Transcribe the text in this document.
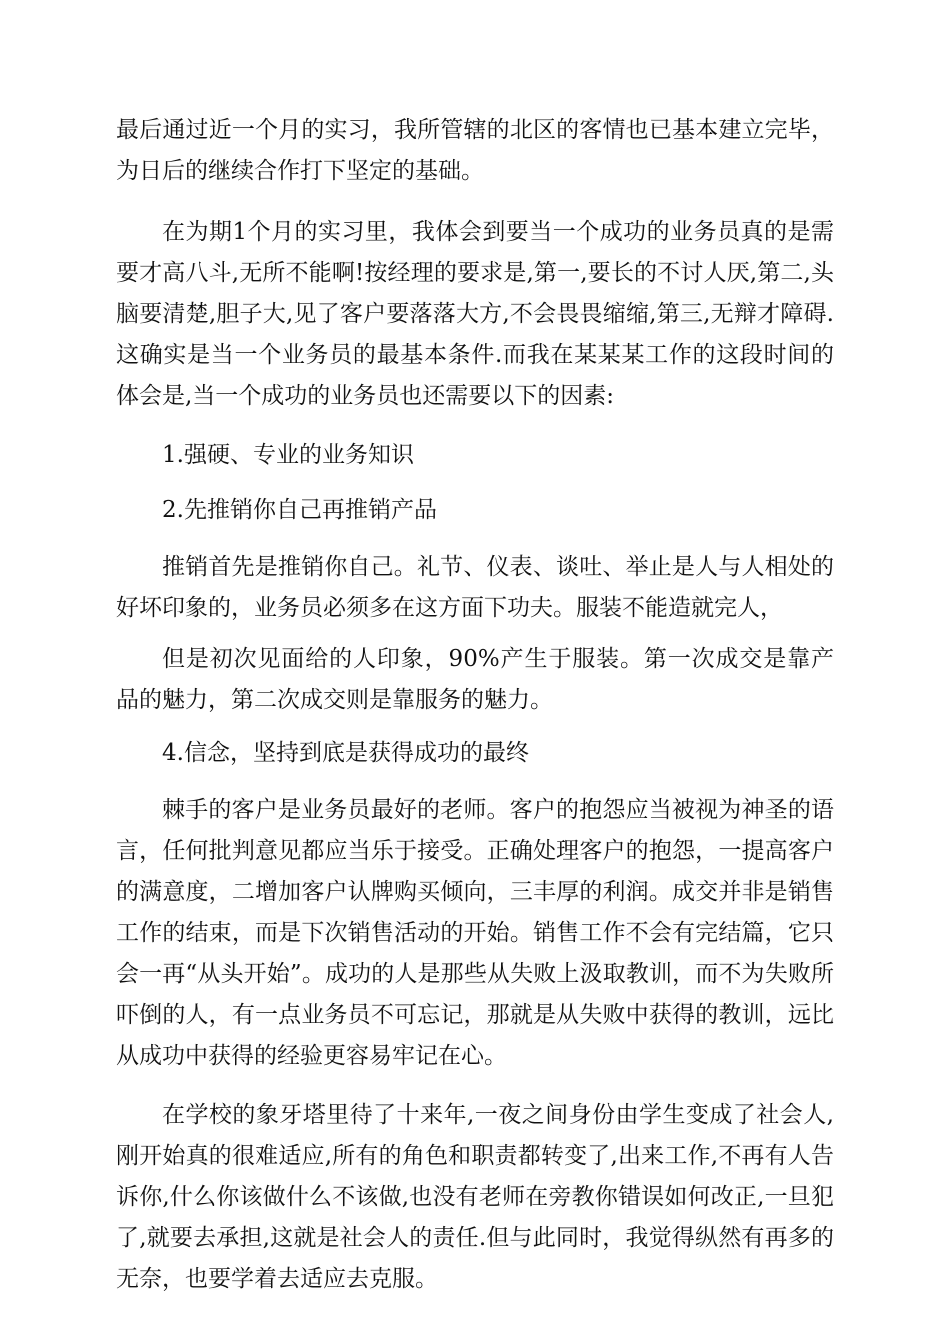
最后通过近一个月的实习，我所管辖的北区的客情也已基本建立完毕，为日后的继续合作打下坚定的基础。

在为期1个月的实习里，我体会到要当一个成功的业务员真的是需要才高八斗,无所不能啊!按经理的要求是,第一,要长的不讨人厌,第二,头脑要清楚,胆子大,见了客户要落落大方,不会畏畏缩缩,第三,无辩才障碍.这确实是当一个业务员的最基本条件.而我在某某某工作的这段时间的体会是,当一个成功的业务员也还需要以下的因素:

1.强硬、专业的业务知识

2.先推销你自己再推销产品

推销首先是推销你自己。礼节、仪表、谈吐、举止是人与人相处的好坏印象的，业务员必须多在这方面下功夫。服装不能造就完人，

但是初次见面给的人印象，90%产生于服装。第一次成交是靠产品的魅力，第二次成交则是靠服务的魅力。

4.信念，坚持到底是获得成功的最终

棘手的客户是业务员最好的老师。客户的抱怨应当被视为神圣的语言，任何批判意见都应当乐于接受。正确处理客户的抱怨，一提高客户的满意度，二增加客户认牌购买倾向，三丰厚的利润。成交并非是销售工作的结束，而是下次销售活动的开始。销售工作不会有完结篇，它只会一再“从头开始”。成功的人是那些从失败上汲取教训，而不为失败所吓倒的人，有一点业务员不可忘记，那就是从失败中获得的教训，远比从成功中获得的经验更容易牢记在心。

在学校的象牙塔里待了十来年,一夜之间身份由学生变成了社会人,刚开始真的很难适应,所有的角色和职责都转变了,出来工作,不再有人告诉你,什么你该做什么不该做,也没有老师在旁教你错误如何改正,一旦犯了,就要去承担,这就是社会人的责任.但与此同时，我觉得纵然有再多的无奈，也要学着去适应去克服。
